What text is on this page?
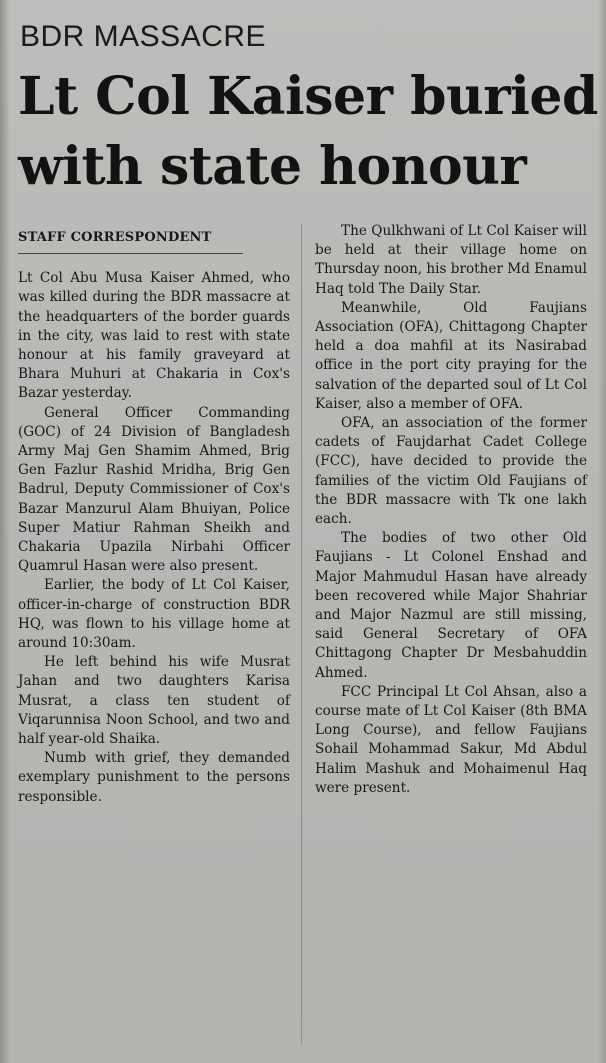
BDR MASSACRE
Lt Col Kaiser buried with state honour
STAFF CORRESPONDENT

Lt Col Abu Musa Kaiser Ahmed, who was killed during the BDR massacre at the headquarters of the border guards in the city, was laid to rest with state honour at his family graveyard at Bhara Muhuri at Chakaria in Cox's Bazar yesterday.

General Officer Commanding (GOC) of 24 Division of Bangladesh Army Maj Gen Shamim Ahmed, Brig Gen Fazlur Rashid Mridha, Brig Gen Badrul, Deputy Commissioner of Cox's Bazar Manzurul Alam Bhuiyan, Police Super Matiur Rahman Sheikh and Chakaria Upazila Nirbahi Officer Quamrul Hasan were also present.

Earlier, the body of Lt Col Kaiser, officer-in-charge of construction BDR HQ, was flown to his village home at around 10:30am.

He left behind his wife Musrat Jahan and two daughters Karisa Musrat, a class ten student of Viqarunnisa Noon School, and two and half year-old Shaika.

Numb with grief, they demanded exemplary punishment to the persons responsible.

The Qulkhwani of Lt Col Kaiser will be held at their village home on Thursday noon, his brother Md Enamul Haq told The Daily Star.

Meanwhile, Old Faujians Association (OFA), Chittagong Chapter held a doa mahfil at its Nasirabad office in the port city praying for the salvation of the departed soul of Lt Col Kaiser, also a member of OFA.

OFA, an association of the former cadets of Faujdarhat Cadet College (FCC), have decided to provide the families of the victim Old Faujians of the BDR massacre with Tk one lakh each.

The bodies of two other Old Faujians - Lt Colonel Enshad and Major Mahmudul Hasan have already been recovered while Major Shahriar and Major Nazmul are still missing, said General Secretary of OFA Chittagong Chapter Dr Mesbahuddin Ahmed.

FCC Principal Lt Col Ahsan, also a course mate of Lt Col Kaiser (8th BMA Long Course), and fellow Faujians Sohail Mohammad Sakur, Md Abdul Halim Mashuk and Mohaimenul Haq were present.
